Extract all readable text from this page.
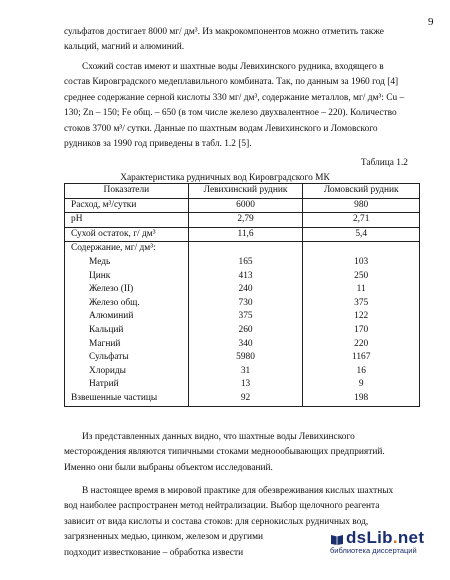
9

сульфатов достигает 8000 мг/ дм³. Из макрокомпонентов можно отметить также

кальций, магний и алюминий.

Схожий состав имеют и шахтные воды Левихинского рудника, входящего в

состав Кировградского медеплавильного комбината. Так, по данным за 1960 год [4]

среднее содержание серной кислоты 330 мг/ дм³, содержание металлов, мг/ дм³: Cu –

130; Zn – 150; Fe общ. – 650 (в том числе железо двухвалентное – 220). Количество

стоков 3700 м³/ сутки. Данные по шахтным водам Левихинского и Ломовского

рудников за 1990 год приведены в табл. 1.2 [5].

Таблица 1.2
Характеристика рудничных вод Кировградского МК
Показатели	Левихинский рудник	Ломовский рудник
Расход, м³/сутки	6000	980
pH	2,79	2,71
Сухой остаток, г/ дм³	11,6	5,4
Содержание, мг/ дм³:		
Медь	165	103
Цинк	413	250
Железо (II)	240	11
Железо общ.	730	375
Алюминий	375	122
Кальций	260	170
Магний	340	220
Сульфаты	5980	1167
Хлориды	31	16
Натрий	13	9
Взвешенные частицы	92	198

Из представленных данных видно, что шахтные воды Левихинского

месторождения являются типичными стоками медноообывающих предприятий.

Именно они были выбраны объектом исследований.

В настоящее время в мировой практике для обезвреживания кислых шахтных

вод наиболее распространен метод нейтрализации. Выбор щелочного реагента

зависит от вида кислоты и состава стоков: для сернокислых рудничных вод,

загрязненных медью, цинком, железом и другими

подходит известкование – обработка извести

dsLib.net
библиотека диссертаций
